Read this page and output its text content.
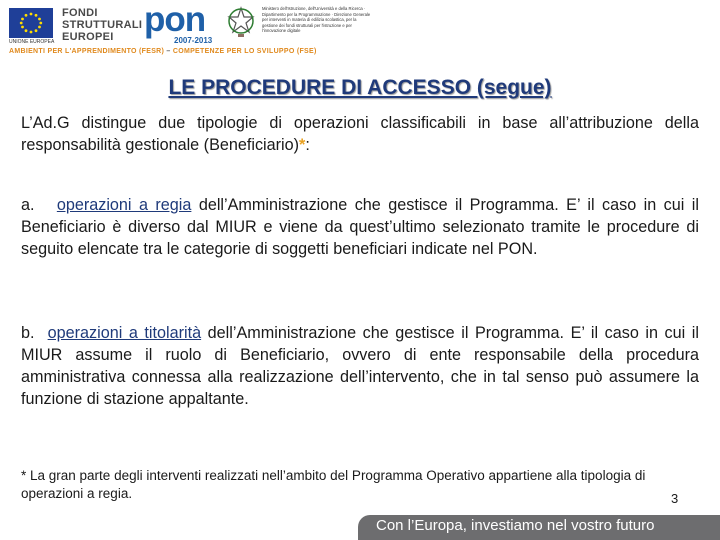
UNIONE EUROPEA
FONDI
STRUTTURALI
EUROPEI pon
2007-2013
Ministero dell'Istruzione, dell'Università e della Ricerca · Dipartimento per la Programmazione · Direzione Generale per interventi in materia di edilizia scolastica, per la gestione dei fondi strutturali per l'istruzione e per l'innovazione digitale
AMBIENTI PER L'APPRENDIMENTO (FESR) – COMPETENZE PER LO SVILUPPO (FSE)
LE PROCEDURE DI ACCESSO (segue)
L’Ad.G distingue due tipologie di operazioni classificabili in base all’attribuzione della responsabilità gestionale (Beneficiario)*:
a. operazioni a regia dell’Amministrazione che gestisce il Programma. E’ il caso in cui il Beneficiario è diverso dal MIUR e viene da quest’ultimo selezionato tramite le procedure di seguito elencate tra le categorie di soggetti beneficiari indicate nel PON.
b. operazioni a titolarità dell’Amministrazione che gestisce il Programma. E’ il caso in cui il MIUR assume il ruolo di Beneficiario, ovvero di ente responsabile della procedura amministrativa connessa alla realizzazione dell’intervento, che in tal senso può assumere la funzione di stazione appaltante.
* La gran parte degli interventi realizzati nell’ambito del Programma Operativo appartiene alla tipologia di operazioni a regia.	3
Con l’Europa, investiamo nel vostro futuro
